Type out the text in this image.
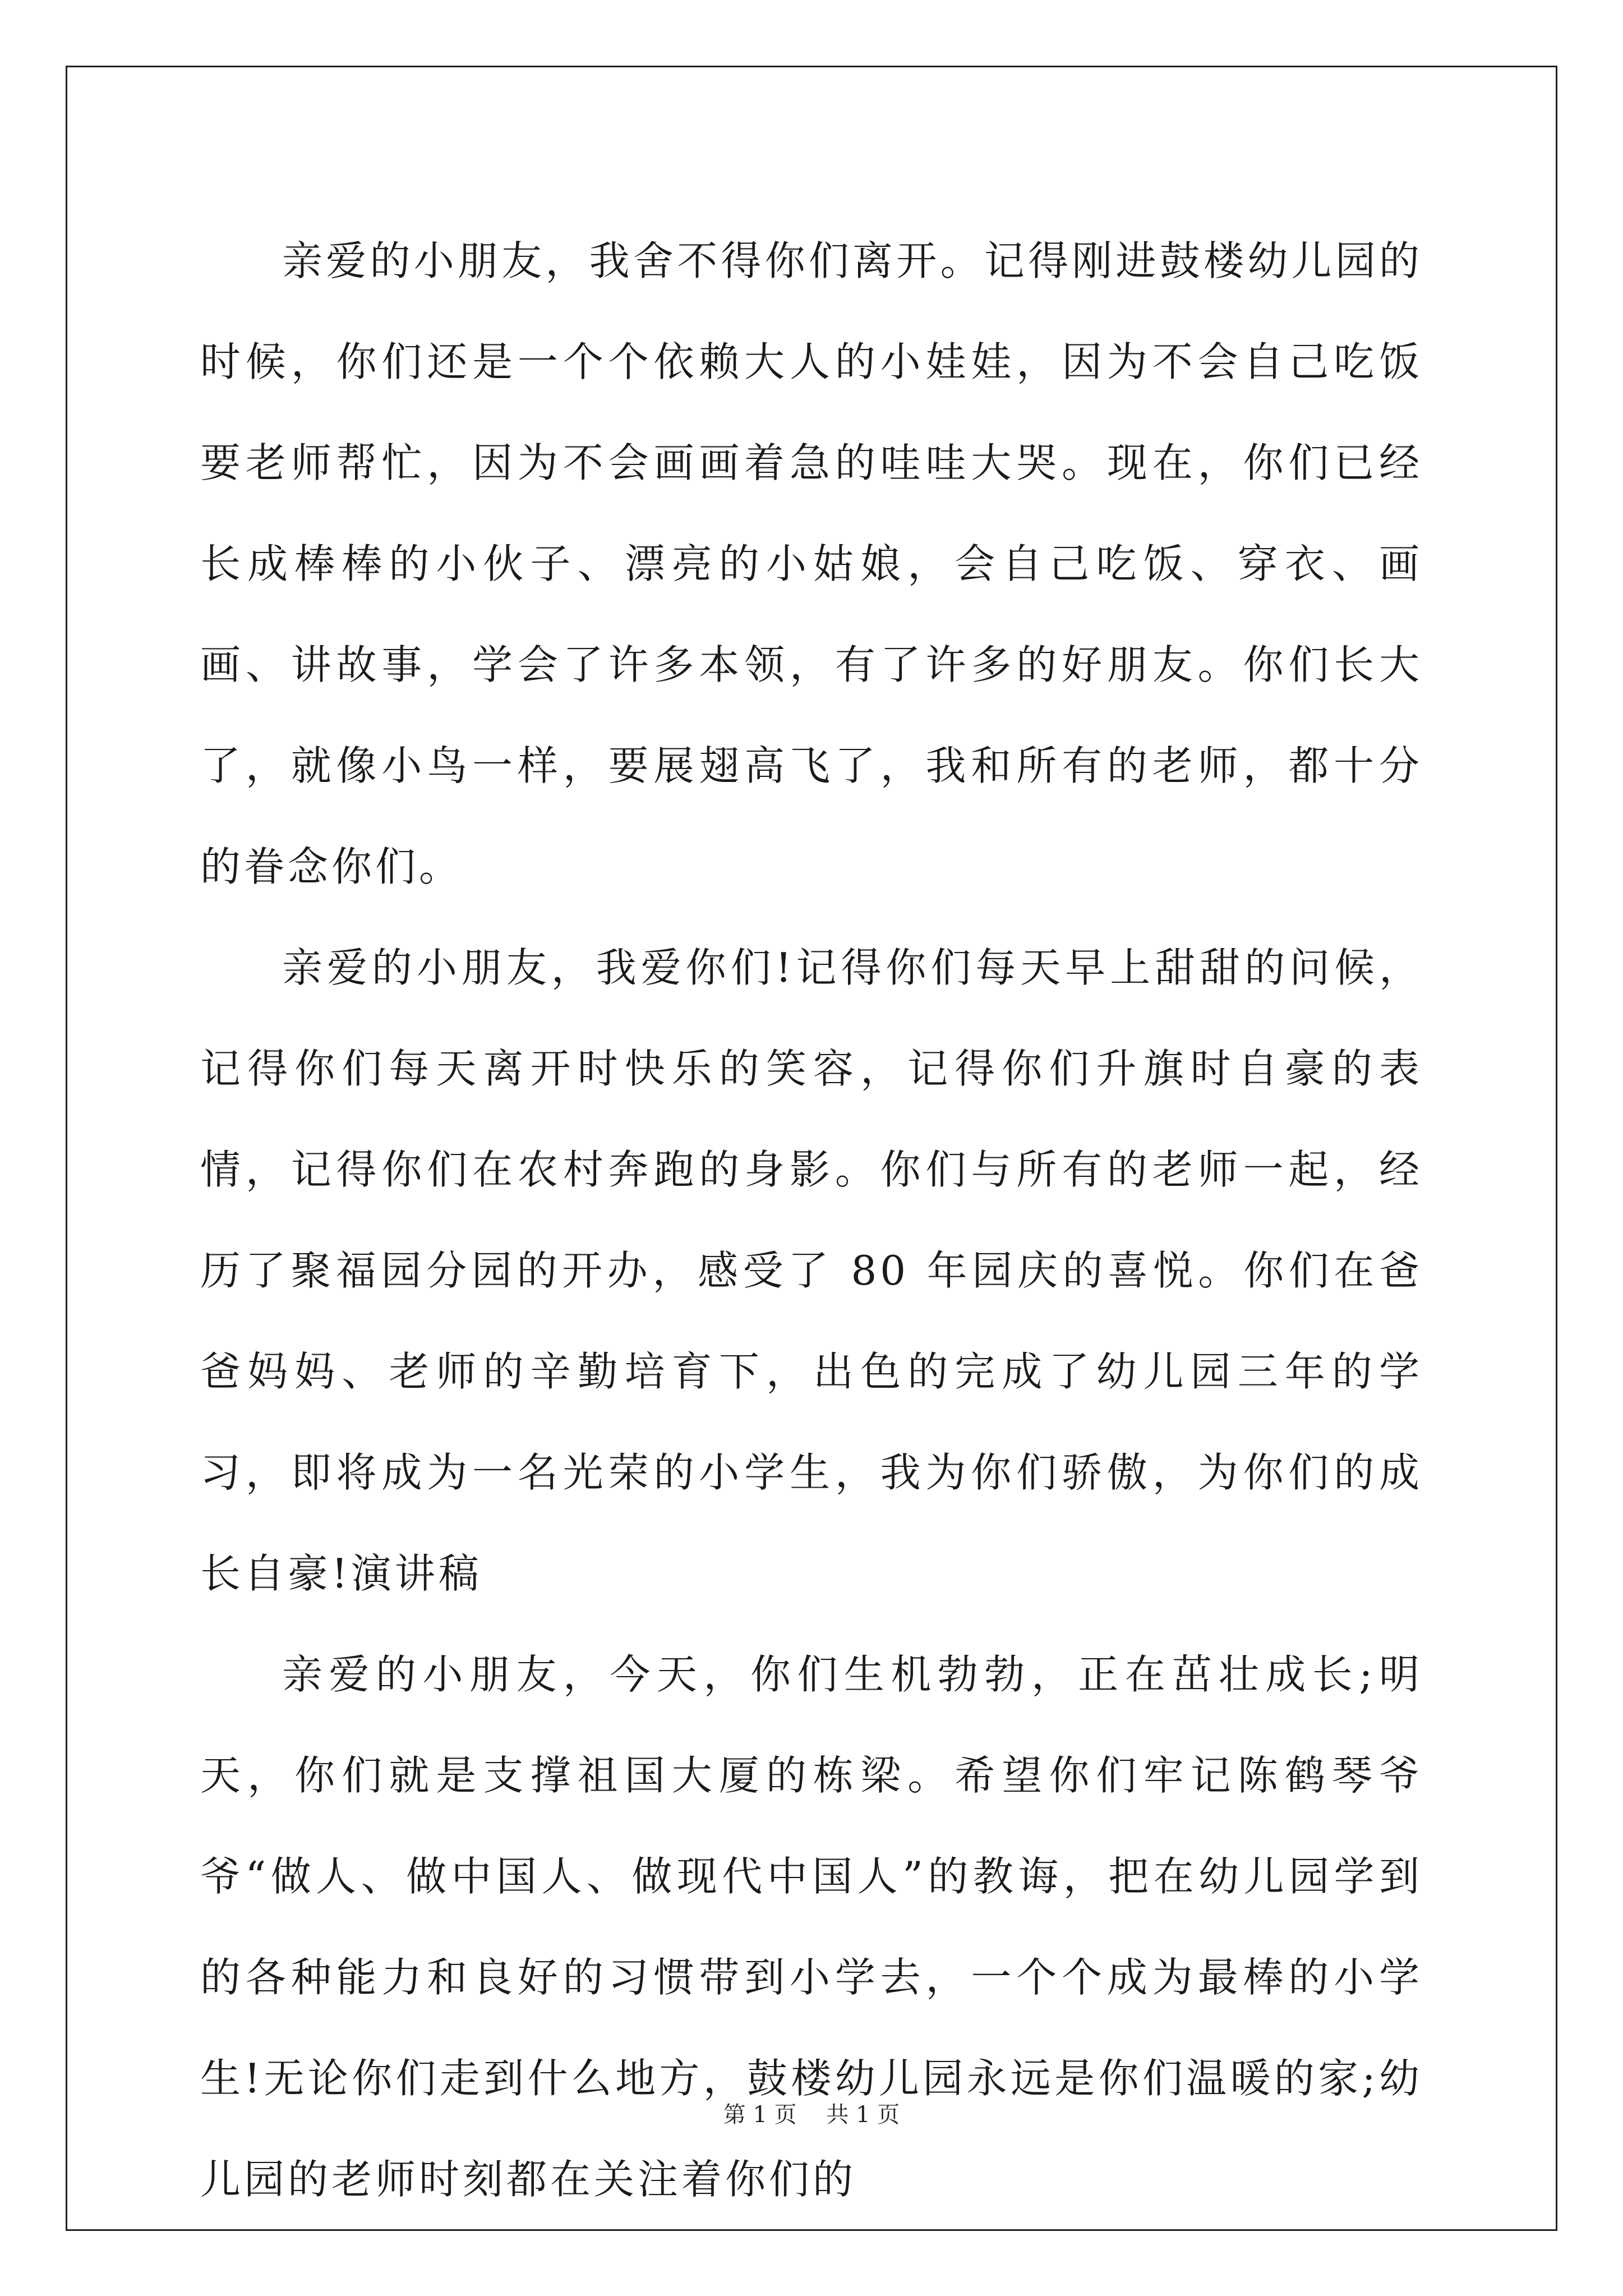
亲爱的小朋友，我舍不得你们离开。记得刚进鼓楼幼儿园的时候，你们还是一个个依赖大人的小娃娃，因为不会自己吃饭要老师帮忙，因为不会画画着急的哇哇大哭。现在，你们已经长成棒棒的小伙子、漂亮的小姑娘，会自己吃饭、穿衣、画画、讲故事，学会了许多本领，有了许多的好朋友。你们长大了，就像小鸟一样，要展翅高飞了，我和所有的老师，都十分的眷念你们。

亲爱的小朋友，我爱你们!记得你们每天早上甜甜的问候，记得你们每天离开时快乐的笑容，记得你们升旗时自豪的表情，记得你们在农村奔跑的身影。你们与所有的老师一起，经历了聚福园分园的开办，感受了 80 年园庆的喜悦。你们在爸爸妈妈、老师的辛勤培育下，出色的完成了幼儿园三年的学习，即将成为一名光荣的小学生，我为你们骄傲，为你们的成长自豪!演讲稿

亲爱的小朋友，今天，你们生机勃勃，正在茁壮成长;明天，你们就是支撑祖国大厦的栋梁。希望你们牢记陈鹤琴爷爷“做人、做中国人、做现代中国人”的教诲，把在幼儿园学到的各种能力和良好的习惯带到小学去，一个个成为最棒的小学生!无论你们走到什么地方，鼓楼幼儿园永远是你们温暖的家;幼儿园的老师时刻都在关注着你们的

第 1 页 共 1 页
